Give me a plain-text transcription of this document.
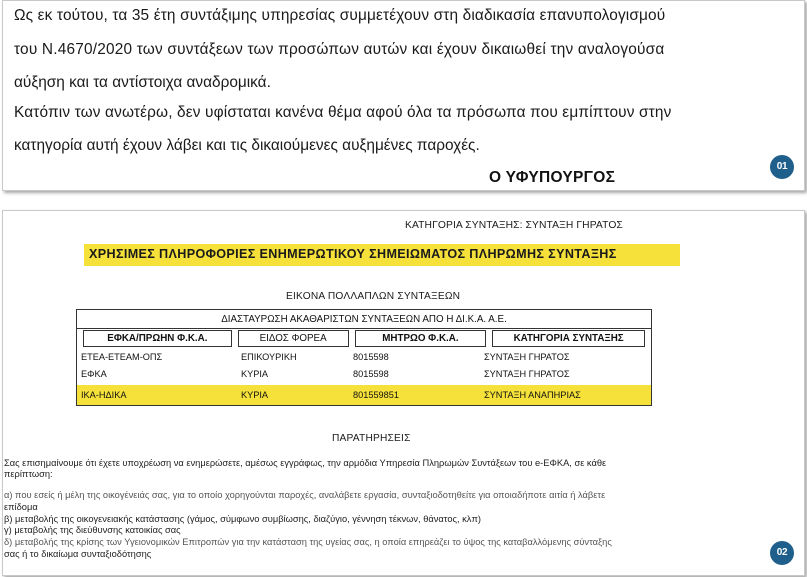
Ως εκ τούτου, τα 35 έτη συντάξιμης υπηρεσίας συμμετέχουν στη διαδικασία επανυπολογισμού
του Ν.4670/2020 των συντάξεων των προσώπων αυτών και έχουν δικαιωθεί την αναλογούσα
αύξηση και τα αντίστοιχα αναδρομικά.
Κατόπιν των ανωτέρω, δεν υφίσταται κανένα θέμα αφού όλα τα πρόσωπα που εμπίπτουν στην
κατηγορία αυτή έχουν λάβει και τις δικαιούμενες αυξημένες παροχές.
Ο ΥΦΥΠΟΥΡΓΟΣ
01
ΚΑΤΗΓΟΡΙΑ ΣΥΝΤΑΞΗΣ: ΣΥΝΤΑΞΗ ΓΗΡΑΤΟΣ
ΧΡΗΣΙΜΕΣ ΠΛΗΡΟΦΟΡΙΕΣ ΕΝΗΜΕΡΩΤΙΚΟΥ ΣΗΜΕΙΩΜΑΤΟΣ ΠΛΗΡΩΜΗΣ ΣΥΝΤΑΞΗΣ
ΕΙΚΟΝΑ ΠΟΛΛΑΠΛΩΝ ΣΥΝΤΑΞΕΩΝ
ΔΙΑΣΤΑΥΡΩΣΗ ΑΚΑΘΑΡΙΣΤΩΝ ΣΥΝΤΑΞΕΩΝ ΑΠΟ Η ΔΙ.Κ.Α. Α.Ε.
ΕΦΚΑ/ΠΡΩΗΝ Φ.Κ.Α.	ΕΙΔΟΣ ΦΟΡΕΑ	ΜΗΤΡΩΟ Φ.Κ.Α.	ΚΑΤΗΓΟΡΙΑ ΣΥΝΤΑΞΗΣ
ΕΤΕΑ-ΕΤΕΑΜ-ΟΠΣ	ΕΠΙΚΟΥΡΙΚΗ	8015598	ΣΥΝΤΑΞΗ ΓΗΡΑΤΟΣ
ΕΦΚΑ	ΚΥΡΙΑ	8015598	ΣΥΝΤΑΞΗ ΓΗΡΑΤΟΣ
ΙΚΑ-ΗΔΙΚΑ	ΚΥΡΙΑ	801559851	ΣΥΝΤΑΞΗ ΑΝΑΠΗΡΙΑΣ
ΠΑΡΑΤΗΡΗΣΕΙΣ
Σας επισημαίνουμε ότι έχετε υποχρέωση να ενημερώσετε, αμέσως εγγράφως, την αρμόδια Υπηρεσία Πληρωμών Συντάξεων του e-ΕΦΚΑ, σε κάθε
περίπτωση:
α) που εσείς ή μέλη της οικογένειάς σας, για το οποίο χορηγούνται παροχές, αναλάβετε εργασία, συνταξιοδοτηθείτε για οποιαδήποτε αιτία ή λάβετε
επίδομα
β) μεταβολής της οικογενειακής κατάστασης (γάμος, σύμφωνο συμβίωσης, διαζύγιο, γέννηση τέκνων, θάνατος, κλπ)
γ) μεταβολής της διεύθυνσης κατοικίας σας
δ) μεταβολής της κρίσης των Υγειονομικών Επιτροπών για την κατάσταση της υγείας σας, η οποία επηρεάζει το ύψος της καταβαλλόμενης σύνταξης
σας ή το δικαίωμα συνταξιοδότησης	02
